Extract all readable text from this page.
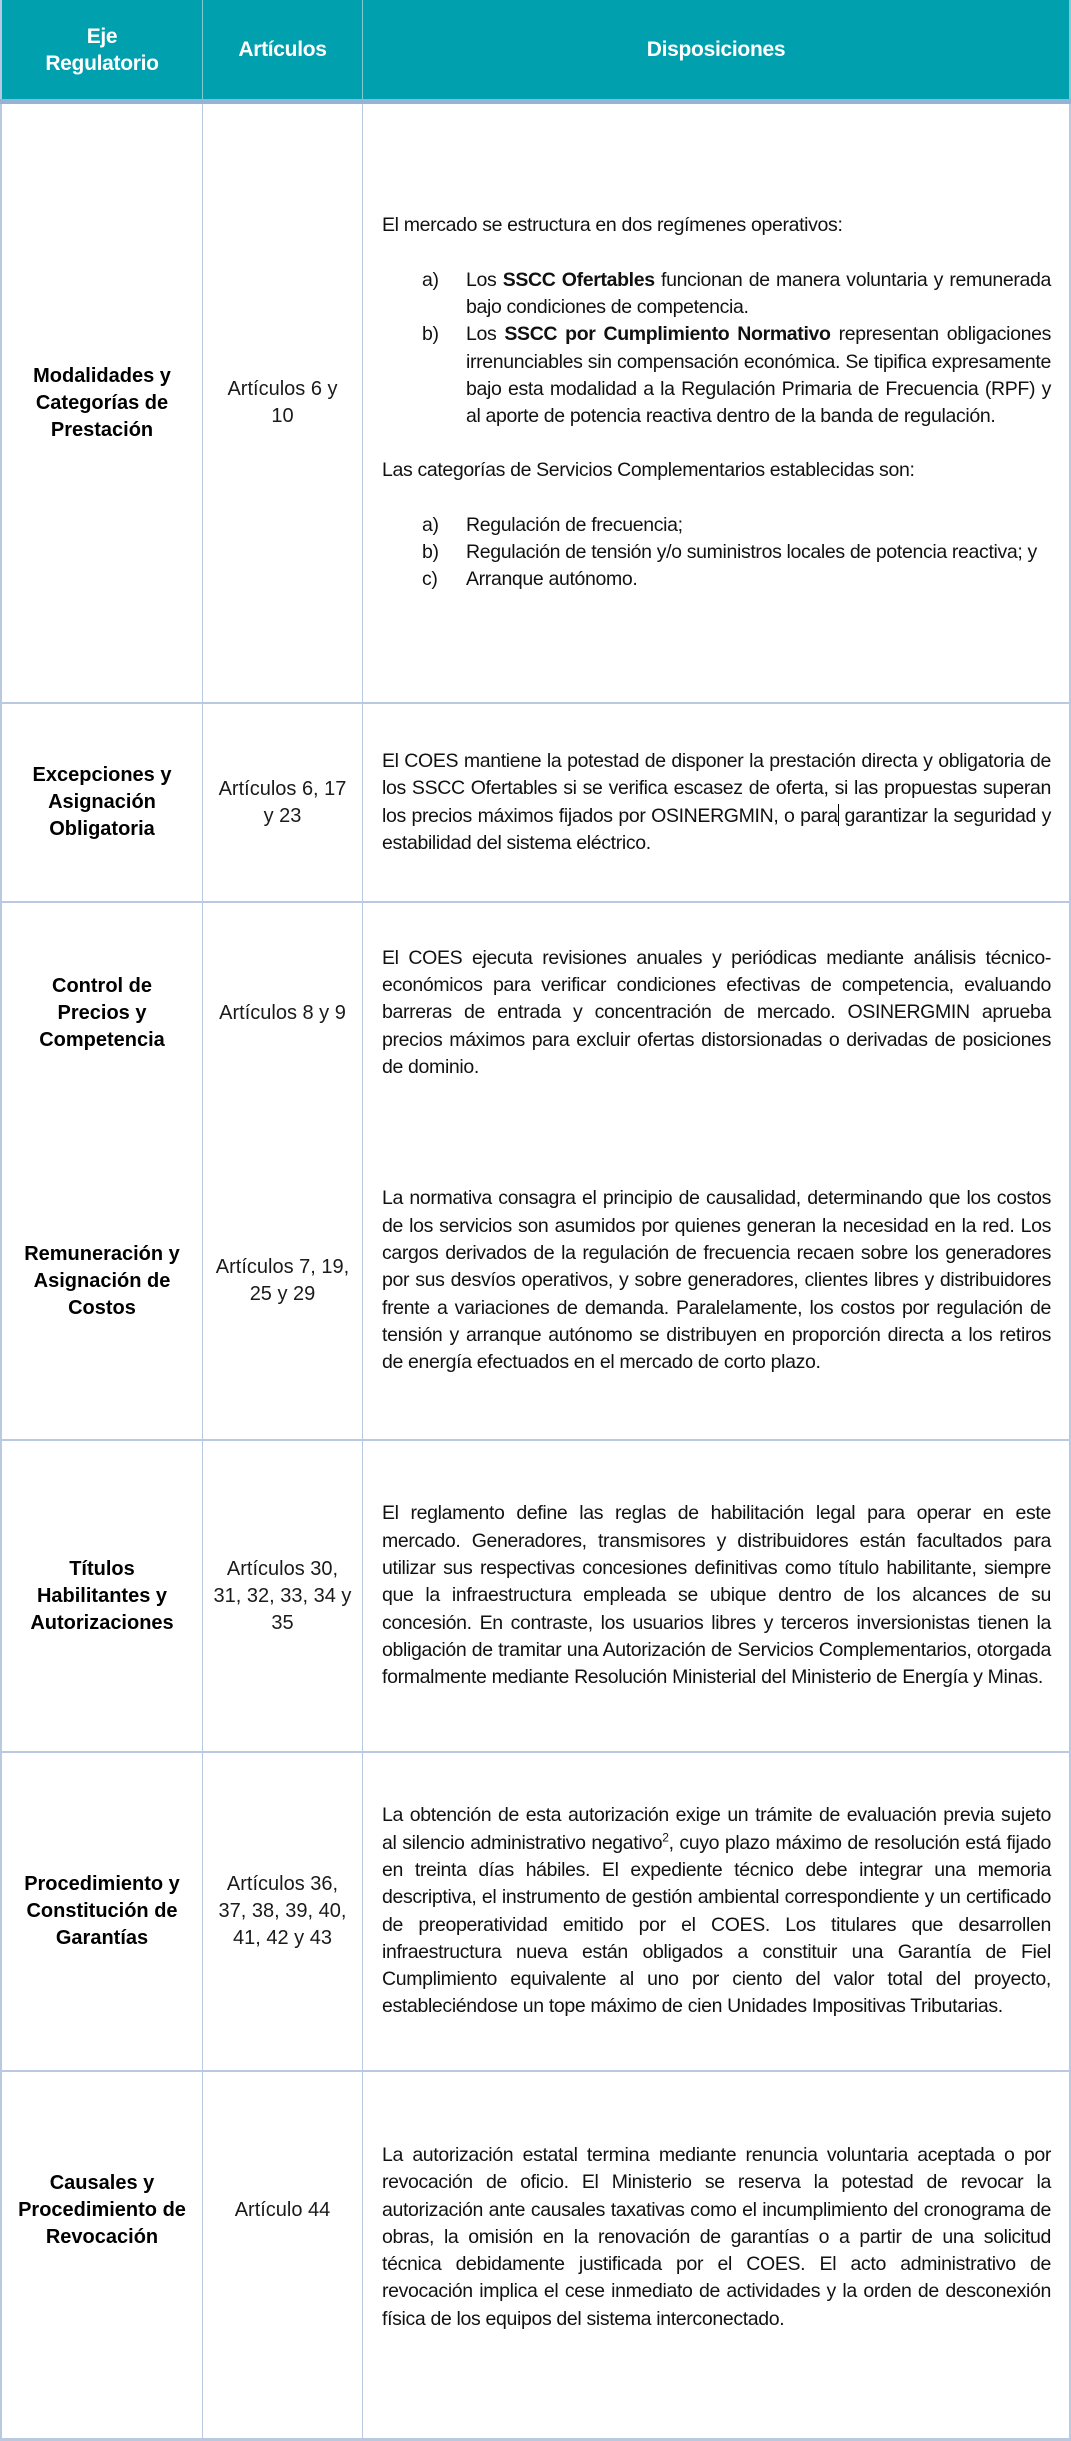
Eje
Regulatorio
Artículos	Disposiciones
Modalidades y Categorías de Prestación
Artículos 6 y 10

El mercado se estructura en dos regímenes operativos:

a) Los SSCC Ofertables funcionan de manera voluntaria y remunerada bajo condiciones de competencia.
b) Los SSCC por Cumplimiento Normativo representan obligaciones irrenunciables sin compensación económica. Se tipifica expresamente bajo esta modalidad a la Regulación Primaria de Frecuencia (RPF) y al aporte de potencia reactiva dentro de la banda de regulación.

Las categorías de Servicios Complementarios establecidas son:

a) Regulación de frecuencia;
b) Regulación de tensión y/o suministros locales de potencia reactiva; y
c) Arranque autónomo.
Excepciones y Asignación Obligatoria
Artículos 6, 17 y 23
El COES mantiene la potestad de disponer la prestación directa y obligatoria de los SSCC Ofertables si se verifica escasez de oferta, si las propuestas superan los precios máximos fijados por OSINERGMIN, o para garantizar la seguridad y estabilidad del sistema eléctrico.
Control de Precios y Competencia
Artículos 8 y 9
El COES ejecuta revisiones anuales y periódicas mediante análisis técnico-económicos para verificar condiciones efectivas de competencia, evaluando barreras de entrada y concentración de mercado. OSINERGMIN aprueba precios máximos para excluir ofertas distorsionadas o derivadas de posiciones de dominio.
Remuneración y Asignación de Costos
Artículos 7, 19, 25 y 29
La normativa consagra el principio de causalidad, determinando que los costos de los servicios son asumidos por quienes generan la necesidad en la red. Los cargos derivados de la regulación de frecuencia recaen sobre los generadores por sus desvíos operativos, y sobre generadores, clientes libres y distribuidores frente a variaciones de demanda. Paralelamente, los costos por regulación de tensión y arranque autónomo se distribuyen en proporción directa a los retiros de energía efectuados en el mercado de corto plazo.
Títulos Habilitantes y Autorizaciones
Artículos 30, 31, 32, 33, 34 y 35
El reglamento define las reglas de habilitación legal para operar en este mercado. Generadores, transmisores y distribuidores están facultados para utilizar sus respectivas concesiones definitivas como título habilitante, siempre que la infraestructura empleada se ubique dentro de los alcances de su concesión. En contraste, los usuarios libres y terceros inversionistas tienen la obligación de tramitar una Autorización de Servicios Complementarios, otorgada formalmente mediante Resolución Ministerial del Ministerio de Energía y Minas.
Procedimiento y Constitución de Garantías
Artículos 36, 37, 38, 39, 40, 41, 42 y 43
La obtención de esta autorización exige un trámite de evaluación previa sujeto al silencio administrativo negativo$^2$, cuyo plazo máximo de resolución está fijado en treinta días hábiles. El expediente técnico debe integrar una memoria descriptiva, el instrumento de gestión ambiental correspondiente y un certificado de preoperatividad emitido por el COES. Los titulares que desarrollen infraestructura nueva están obligados a constituir una Garantía de Fiel Cumplimiento equivalente al uno por ciento del valor total del proyecto, estableciéndose un tope máximo de cien Unidades Impositivas Tributarias.
Causales y Procedimiento de Revocación
Artículo 44
La autorización estatal termina mediante renuncia voluntaria aceptada o por revocación de oficio. El Ministerio se reserva la potestad de revocar la autorización ante causales taxativas como el incumplimiento del cronograma de obras, la omisión en la renovación de garantías o a partir de una solicitud técnica debidamente justificada por el COES. El acto administrativo de revocación implica el cese inmediato de actividades y la orden de desconexión física de los equipos del sistema interconectado.
